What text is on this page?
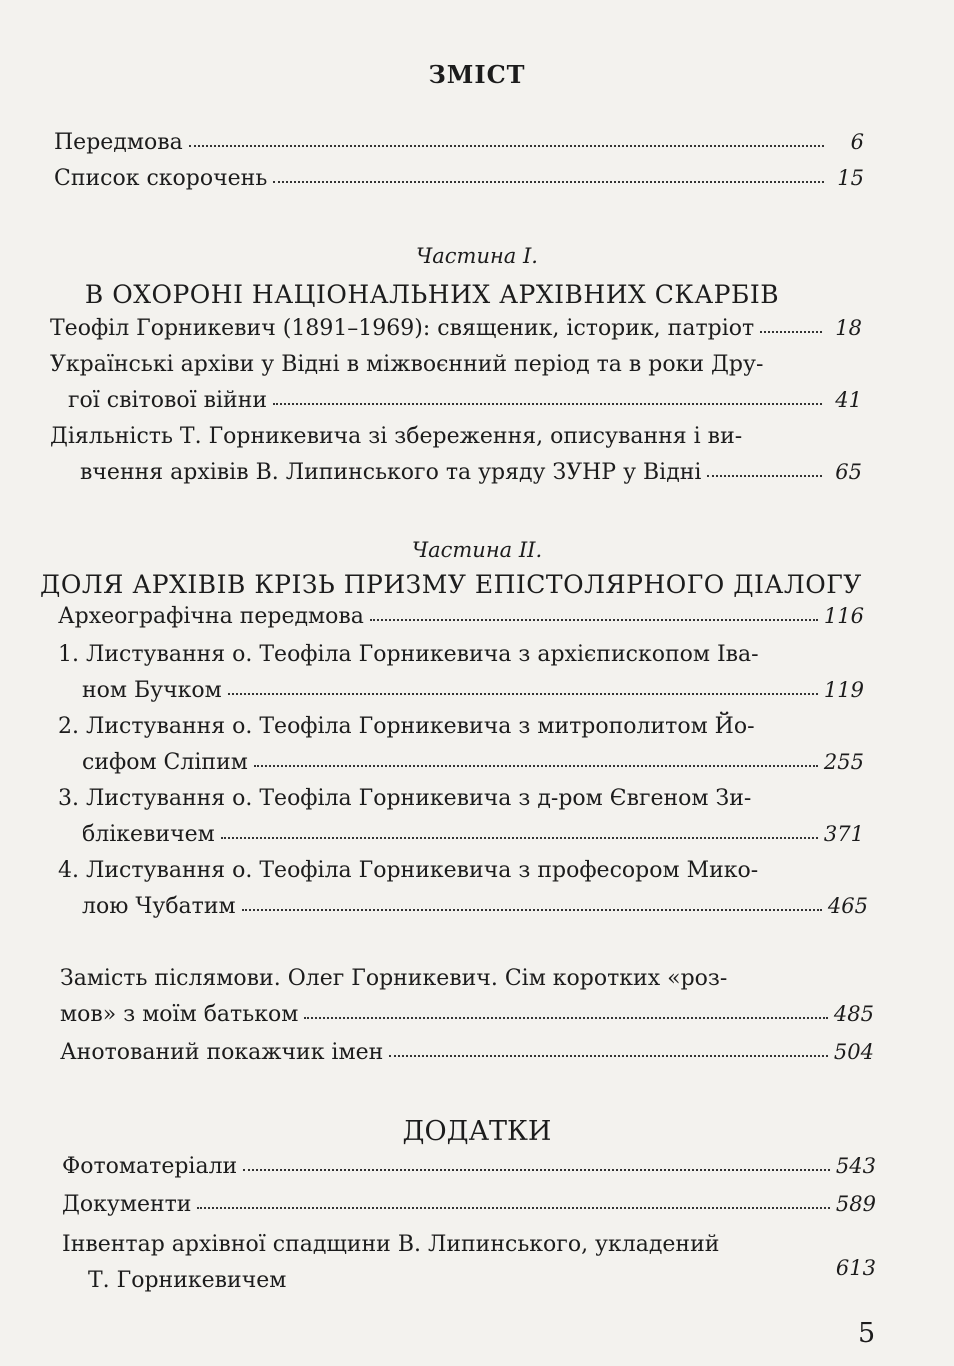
ЗМІСТ
Передмова	6
Список скорочень	15
Частина І.
В ОХОРОНІ НАЦІОНАЛЬНИХ АРХІВНИХ СКАРБІВ
Теофіл Горникевич (1891–1969): священик, історик, патріот	18
Українські архіви у Відні в міжвоєнний період та в роки Дру-
гої світової війни	41
Діяльність Т. Горникевича зі збереження, описування і ви-
вчення архівів В. Липинського та уряду ЗУНР у Відні	65
Частина ІІ.
ДОЛЯ АРХІВІВ КРІЗЬ ПРИЗМУ ЕПІСТОЛЯРНОГО ДІАЛОГУ
Археографічна передмова	116
1. Листування о. Теофіла Горникевича з архієпископом Іва-
ном Бучком	119
2. Листування о. Теофіла Горникевича з митрополитом Йо-
сифом Сліпим	255
3. Листування о. Теофіла Горникевича з д-ром Євгеном Зи-
блікевичем	371
4. Листування о. Теофіла Горникевича з професором Мико-
лою Чубатим	465
Замість післямови. Олег Горникевич. Сім коротких «роз-
мов» з моїм батьком	485
Анотований покажчик імен	504
ДОДАТКИ
Фотоматеріали	543
Документи	589
Інвентар архівної спадщини В. Липинського, укладений
Т. Горникевичем	613
5
